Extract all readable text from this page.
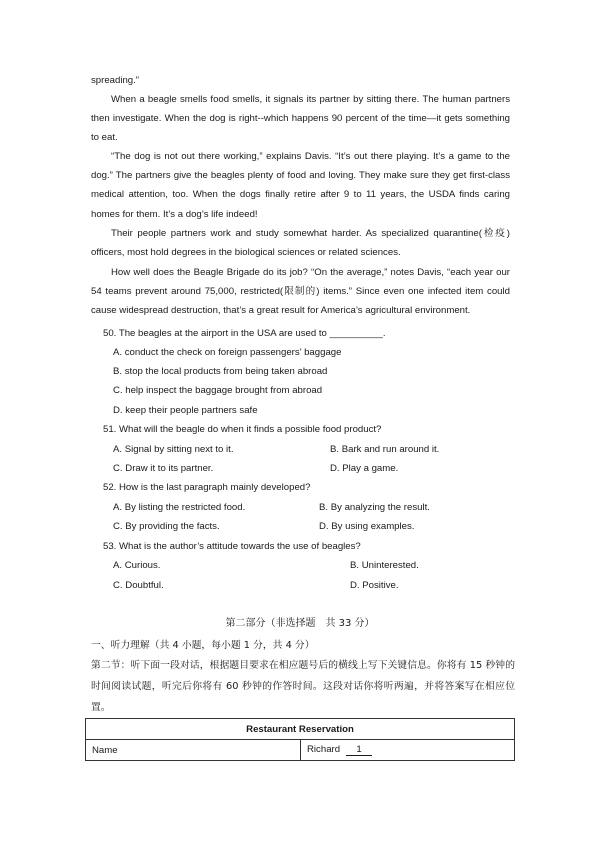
spreading.”

When a beagle smells food smells, it signals its partner by sitting there. The human partners then investigate. When the dog is right--which happens 90 percent of the time—it gets something to eat.

“The dog is not out there working,” explains Davis. “It’s out there playing. It’s a game to the dog.” The partners give the beagles plenty of food and loving. They make sure they get first-class medical attention, too. When the dogs finally retire after 9 to 11 years, the USDA finds caring homes for them. It’s a dog’s life indeed!

Their people partners work and study somewhat harder. As specialized quarantine(检疫) officers, most hold degrees in the biological sciences or related sciences.

How well does the Beagle Brigade do its job? “On the average,” notes Davis, “each year our 54 teams prevent around 75,000, restricted(限制的) items.” Since even one infected item could cause widespread destruction, that’s a great result for America’s agricultural environment.

50. The beagles at the airport in the USA are used to __________.

A. conduct the check on foreign passengers’ baggage

B. stop the local products from being taken abroad

C. help inspect the baggage brought from abroad

D. keep their people partners safe

51. What will the beagle do when it finds a possible food product?

A. Signal by sitting next to it.	B. Bark and run around it.

C. Draw it to its partner.	D. Play a game.

52. How is the last paragraph mainly developed?

A. By listing the restricted food.	B. By analyzing the result.

C. By providing the facts.	D. By using examples.

53. What is the author’s attitude towards the use of beagles?

A. Curious.	B. Uninterested.

C. Doubtful.	D. Positive.

第二部分（非选择题　共 33 分）

一、听力理解（共 4 小题，每小题 1 分，共 4 分）

第二节：听下面一段对话，根据题目要求在相应题号后的横线上写下关键信息。你将有 15 秒钟的时间阅读试题，听完后你将有 60 秒钟的作答时间。这段对话你将听两遍，并将答案写在相应位置。

Restaurant Reservation
Name	Richard 1
